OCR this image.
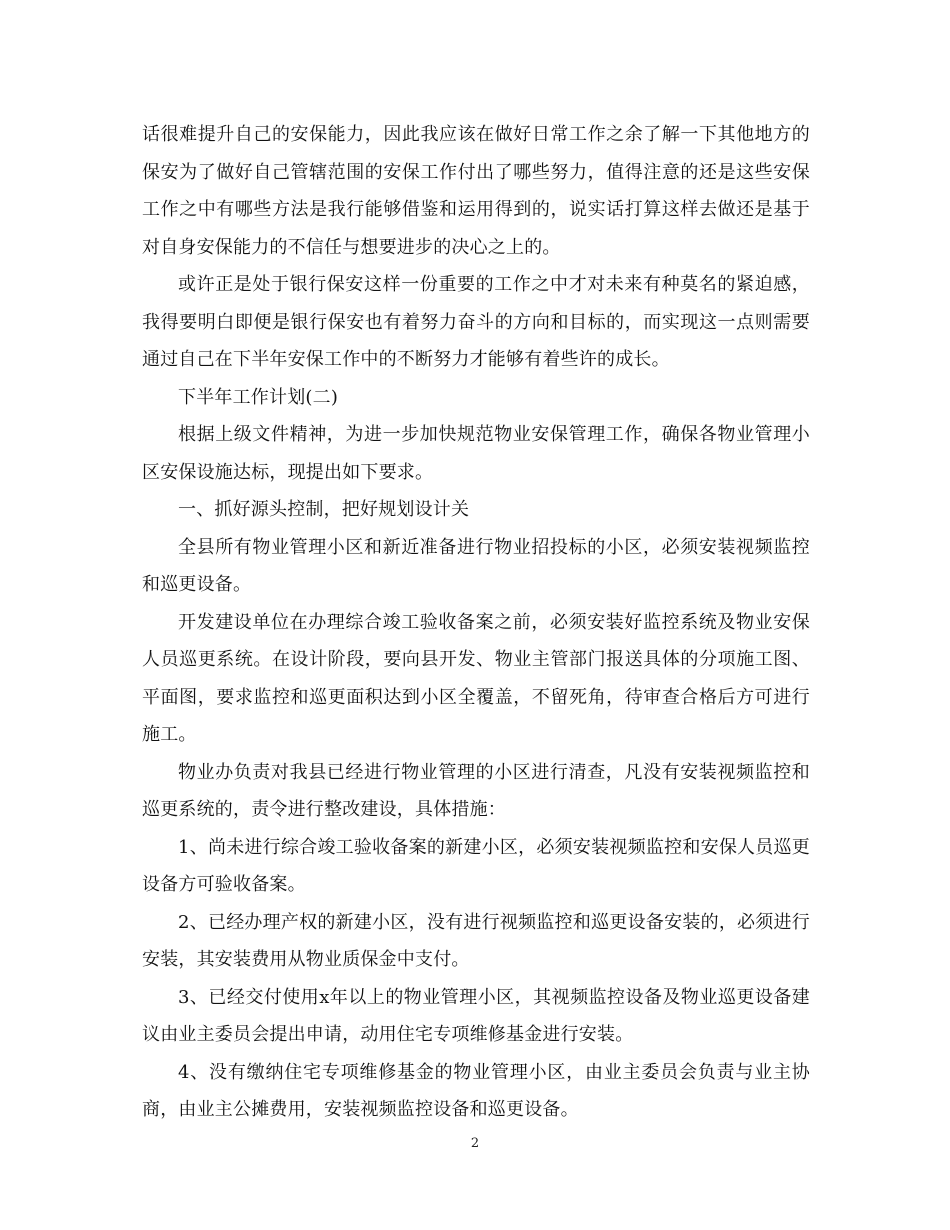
话很难提升自己的安保能力，因此我应该在做好日常工作之余了解一下其他地方的保安为了做好自己管辖范围的安保工作付出了哪些努力，值得注意的还是这些安保工作之中有哪些方法是我行能够借鉴和运用得到的，说实话打算这样去做还是基于对自身安保能力的不信任与想要进步的决心之上的。

或许正是处于银行保安这样一份重要的工作之中才对未来有种莫名的紧迫感，我得要明白即便是银行保安也有着努力奋斗的方向和目标的，而实现这一点则需要通过自己在下半年安保工作中的不断努力才能够有着些许的成长。

下半年工作计划(二)

根据上级文件精神，为进一步加快规范物业安保管理工作，确保各物业管理小区安保设施达标，现提出如下要求。

一、抓好源头控制，把好规划设计关

全县所有物业管理小区和新近准备进行物业招投标的小区，必须安装视频监控和巡更设备。

开发建设单位在办理综合竣工验收备案之前，必须安装好监控系统及物业安保人员巡更系统。在设计阶段，要向县开发、物业主管部门报送具体的分项施工图、平面图，要求监控和巡更面积达到小区全覆盖，不留死角，待审查合格后方可进行施工。

物业办负责对我县已经进行物业管理的小区进行清查，凡没有安装视频监控和巡更系统的，责令进行整改建设，具体措施：

1、尚未进行综合竣工验收备案的新建小区，必须安装视频监控和安保人员巡更设备方可验收备案。

2、已经办理产权的新建小区，没有进行视频监控和巡更设备安装的，必须进行安装，其安装费用从物业质保金中支付。

3、已经交付使用x年以上的物业管理小区，其视频监控设备及物业巡更设备建议由业主委员会提出申请，动用住宅专项维修基金进行安装。

4、没有缴纳住宅专项维修基金的物业管理小区，由业主委员会负责与业主协商，由业主公摊费用，安装视频监控设备和巡更设备。

2
